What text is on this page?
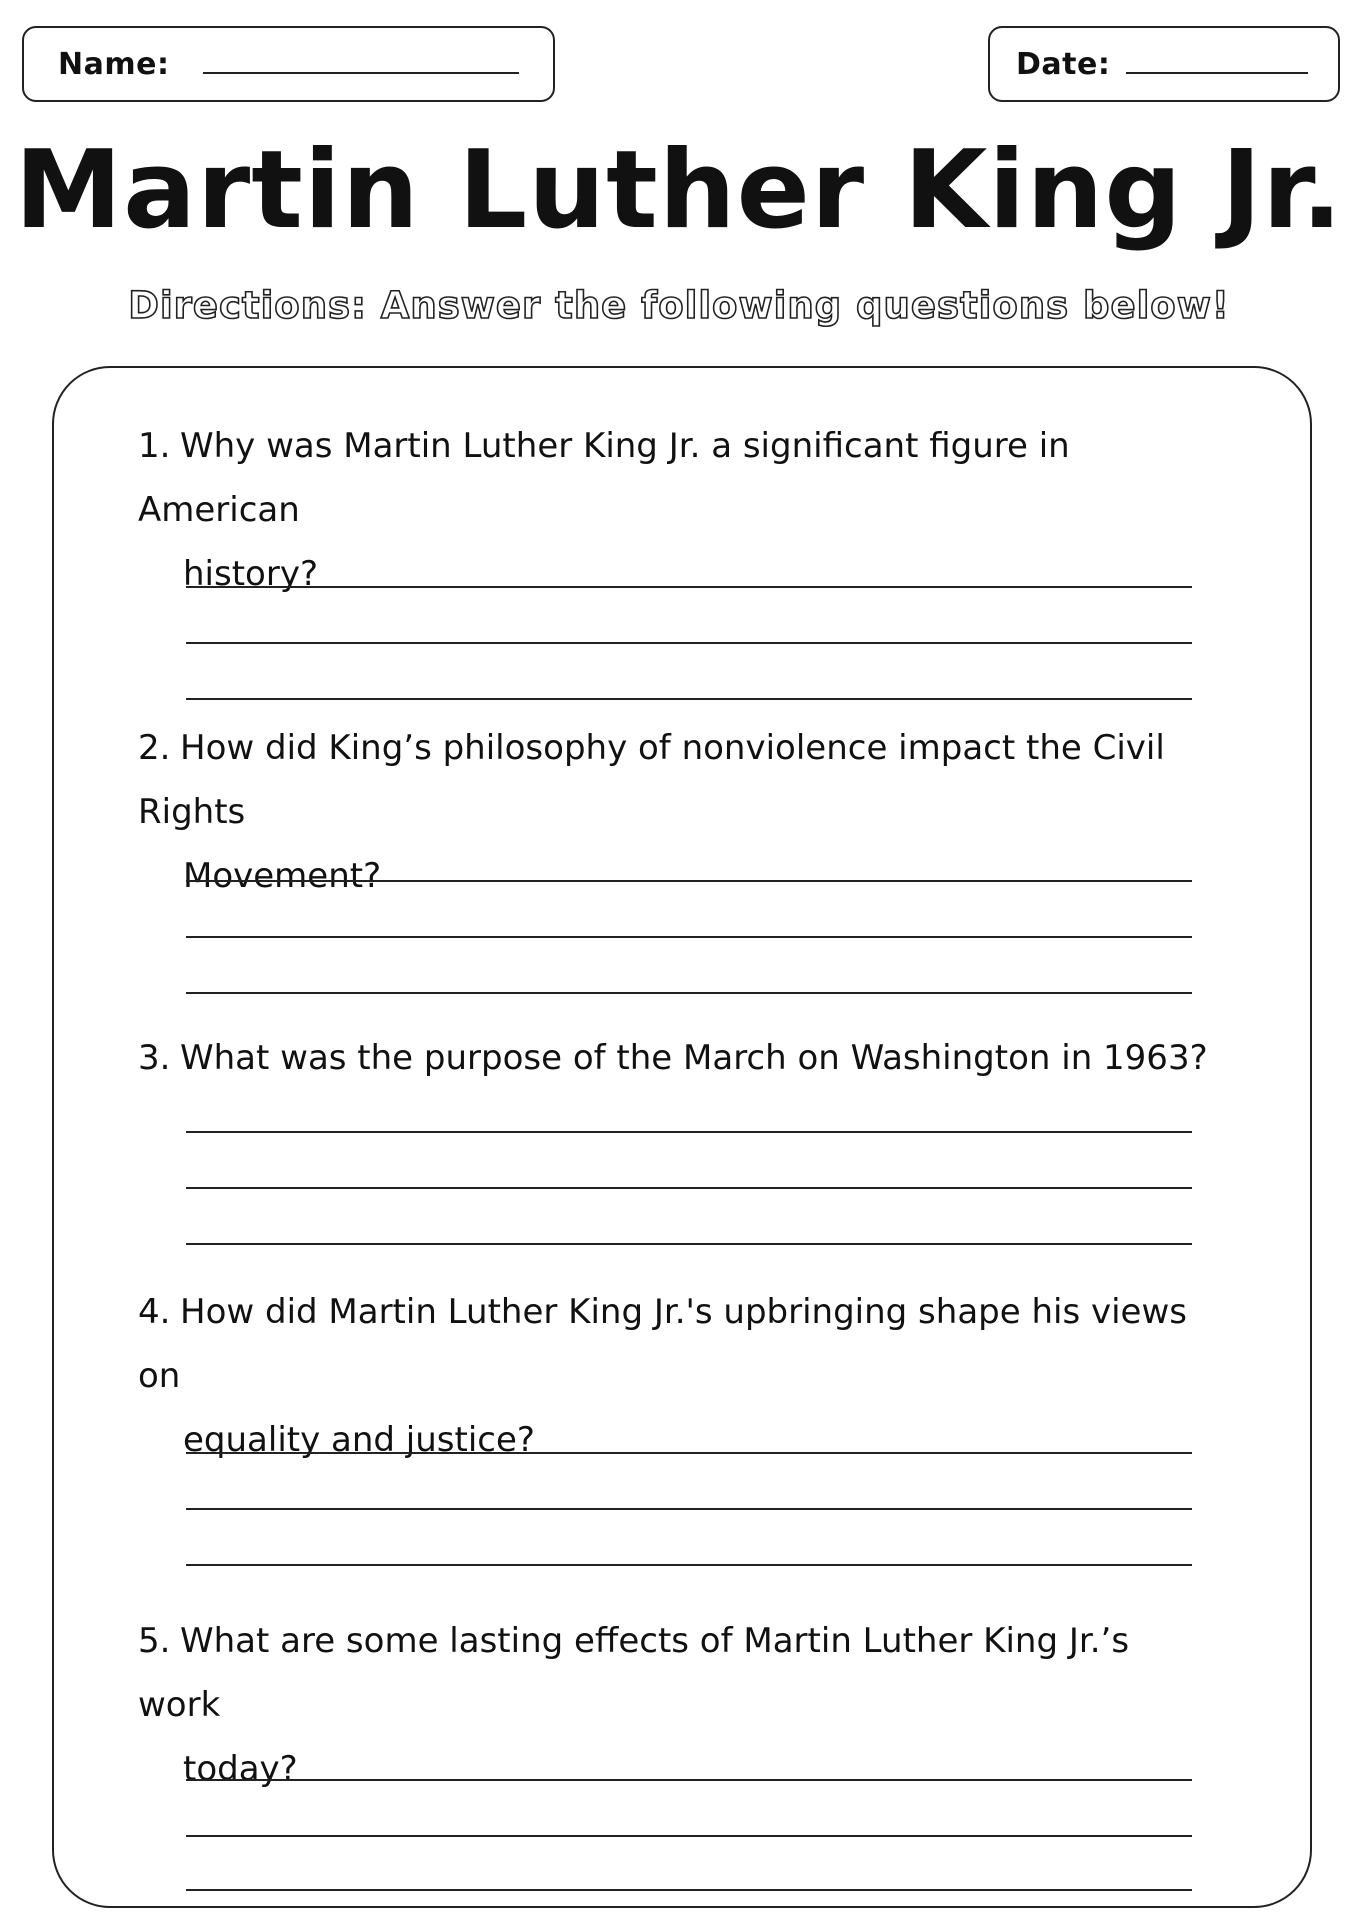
Name:	Date:
Martin Luther King Jr.
Directions: Answer the following questions below!
1. Why was Martin Luther King Jr. a significant figure in American
history?
2. How did King’s philosophy of nonviolence impact the Civil Rights
Movement?
3. What was the purpose of the March on Washington in 1963?
4. How did Martin Luther King Jr.'s upbringing shape his views on
equality and justice?
5. What are some lasting effects of Martin Luther King Jr.’s work
today?
